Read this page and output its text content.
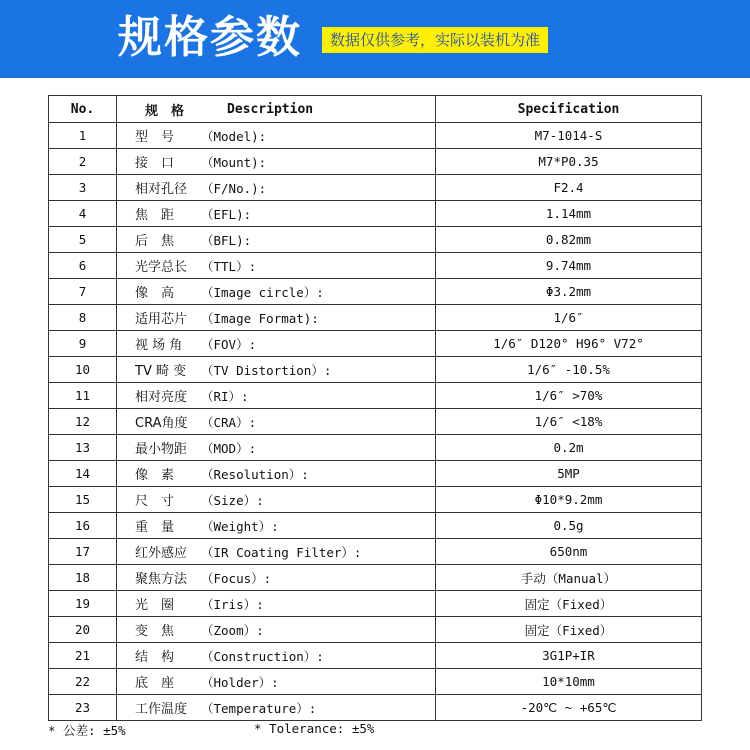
规格参数	数据仅供参考，实际以装机为准
No.	规　格 Description	Specification
1	型　号 （Model):	M7-1014-S
2	接　口 （Mount):	M7*P0.35
3	相对孔径 （F/No.):	F2.4
4	焦　距 （EFL):	1.14mm
5	后　焦 （BFL):	0.82mm
6	光学总长 （TTL）:	9.74mm
7	像　高 （Image circle）:	Φ3.2mm
8	适用芯片 （Image Format):	1/6″
9	视 场 角 （FOV）:	1/6″ D120° H96° V72°
10	TV 畸 变 （TV Distortion）:	1/6″ -10.5%
11	相对亮度 （RI）:	1/6″ >70%
12	CRA角度 （CRA）:	1/6″ <18%
13	最小物距 （MOD）:	0.2m
14	像　素 （Resolution）:	5MP
15	尺　寸 （Size）:	Φ10*9.2mm
16	重　量 （Weight）:	0.5g
17	红外感应 （IR Coating Filter）:	650nm
18	聚焦方法 （Focus）:	手动（Manual）
19	光　圈 （Iris）:	固定（Fixed）
20	变　焦 （Zoom）:	固定（Fixed）
21	结　构 （Construction）:	3G1P+IR
22	底　座 （Holder）:	10*10mm
23	工作温度 （Temperature）:	-20℃ ~ +65℃
* 公差: ±5%	* Tolerance: ±5%
